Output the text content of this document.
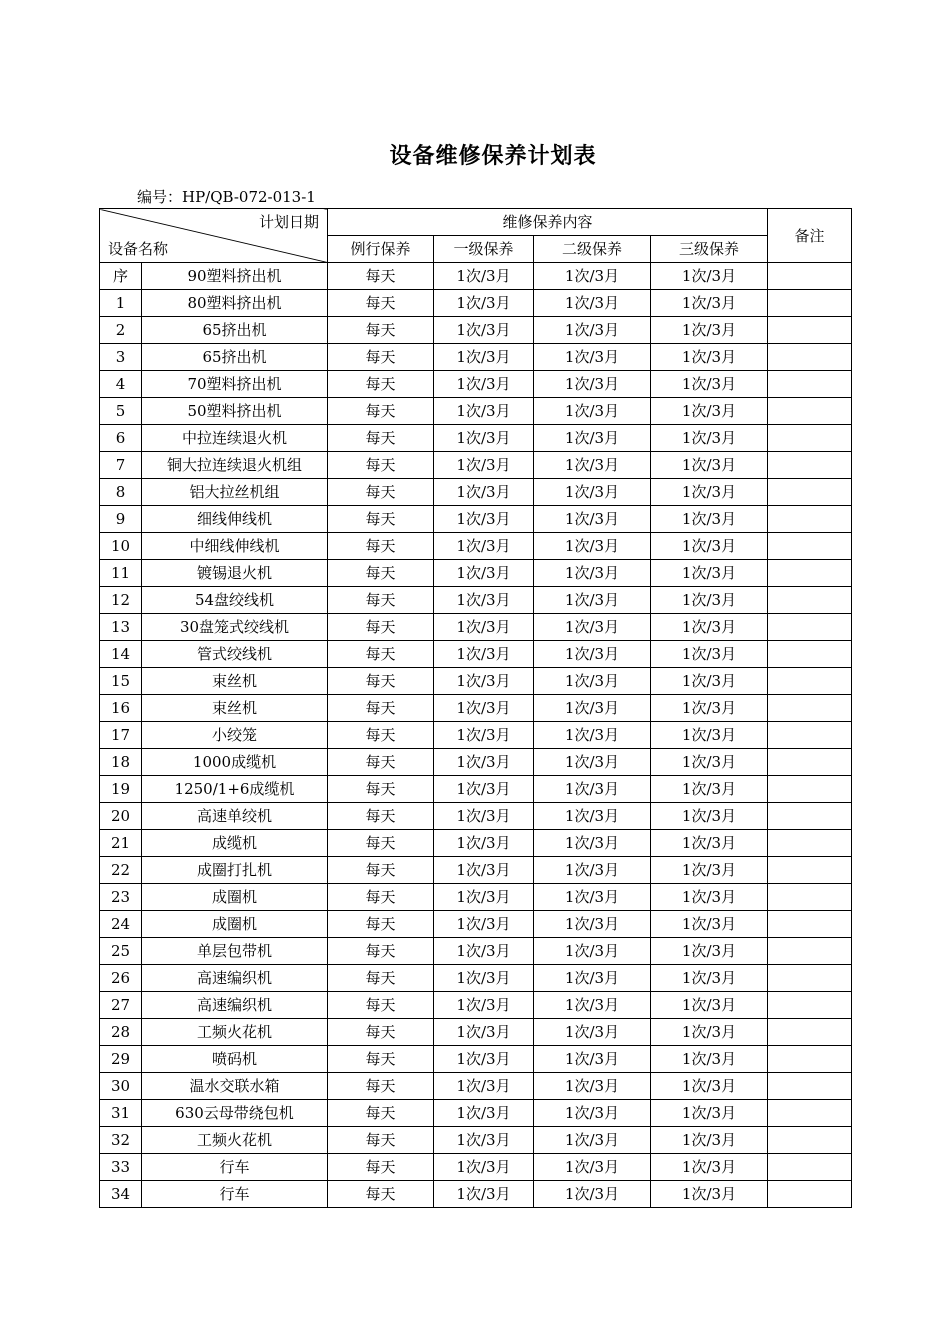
设备维修保养计划表
编号：HP/QB-072-013-1
计划日期
设备名称		维修保养内容				备注
		例行保养	一级保养	二级保养	三级保养	
序	90塑料挤出机	每天	1次/3月	1次/3月	1次/3月	
1	80塑料挤出机	每天	1次/3月	1次/3月	1次/3月	
2	65挤出机	每天	1次/3月	1次/3月	1次/3月	
3	65挤出机	每天	1次/3月	1次/3月	1次/3月	
4	70塑料挤出机	每天	1次/3月	1次/3月	1次/3月	
5	50塑料挤出机	每天	1次/3月	1次/3月	1次/3月	
6	中拉连续退火机	每天	1次/3月	1次/3月	1次/3月	
7	铜大拉连续退火机组	每天	1次/3月	1次/3月	1次/3月	
8	铝大拉丝机组	每天	1次/3月	1次/3月	1次/3月	
9	细线伸线机	每天	1次/3月	1次/3月	1次/3月	
10	中细线伸线机	每天	1次/3月	1次/3月	1次/3月	
11	镀锡退火机	每天	1次/3月	1次/3月	1次/3月	
12	54盘绞线机	每天	1次/3月	1次/3月	1次/3月	
13	30盘笼式绞线机	每天	1次/3月	1次/3月	1次/3月	
14	管式绞线机	每天	1次/3月	1次/3月	1次/3月	
15	束丝机	每天	1次/3月	1次/3月	1次/3月	
16	束丝机	每天	1次/3月	1次/3月	1次/3月	
17	小绞笼	每天	1次/3月	1次/3月	1次/3月	
18	1000成缆机	每天	1次/3月	1次/3月	1次/3月	
19	1250/1+6成缆机	每天	1次/3月	1次/3月	1次/3月	
20	高速单绞机	每天	1次/3月	1次/3月	1次/3月	
21	成缆机	每天	1次/3月	1次/3月	1次/3月	
22	成圈打扎机	每天	1次/3月	1次/3月	1次/3月	
23	成圈机	每天	1次/3月	1次/3月	1次/3月	
24	成圈机	每天	1次/3月	1次/3月	1次/3月	
25	单层包带机	每天	1次/3月	1次/3月	1次/3月	
26	高速编织机	每天	1次/3月	1次/3月	1次/3月	
27	高速编织机	每天	1次/3月	1次/3月	1次/3月	
28	工频火花机	每天	1次/3月	1次/3月	1次/3月	
29	喷码机	每天	1次/3月	1次/3月	1次/3月	
30	温水交联水箱	每天	1次/3月	1次/3月	1次/3月	
31	630云母带绕包机	每天	1次/3月	1次/3月	1次/3月	
32	工频火花机	每天	1次/3月	1次/3月	1次/3月	
33	行车	每天	1次/3月	1次/3月	1次/3月	
34	行车	每天	1次/3月	1次/3月	1次/3月	
